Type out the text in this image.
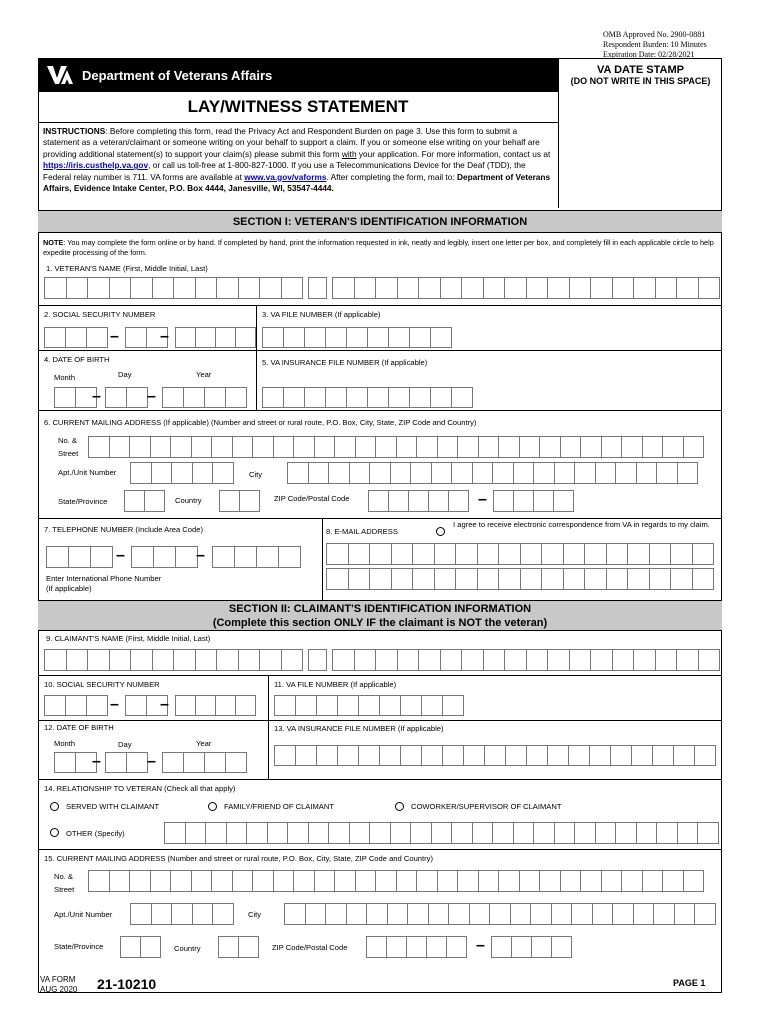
OMB Approved No. 2900-0881
Respondent Burden: 10 Minutes
Expiration Date: 02/28/2021
Department of Veterans Affairs	VA DATE STAMP
(DO NOT WRITE IN THIS SPACE)
LAY/WITNESS STATEMENT
INSTRUCTIONS: Before completing this form, read the Privacy Act and Respondent Burden on page 3. Use this form to submit a statement as a veteran/claimant or someone writing on your behalf to support a claim. If you or someone else writing on your behalf are providing additional statement(s) to support your claim(s) please submit this form with your application. For more information, contact us at https://iris.custhelp.va.gov, or call us toll-free at 1-800-827-1000. If you use a Telecommunications Device for the Deaf (TDD), the Federal relay number is 711. VA forms are available at www.va.gov/vaforms. After completing the form, mail to: Department of Veterans Affairs, Evidence Intake Center, P.O. Box 4444, Janesville, WI, 53547-4444.
SECTION I: VETERAN'S IDENTIFICATION INFORMATION
NOTE: You may complete the form online or by hand. If completed by hand, print the information requested in ink, neatly and legibly, insert one letter per box, and completely fill in each applicable circle to help expedite processing of the form.
1. VETERAN'S NAME (First, Middle Initial, Last)
2. SOCIAL SECURITY NUMBER	3. VA FILE NUMBER (If applicable)
4. DATE OF BIRTH
Month	Day	Year
5. VA INSURANCE FILE NUMBER (If applicable)
6. CURRENT MAILING ADDRESS (If applicable) (Number and street or rural route, P.O. Box, City, State, ZIP Code and Country)
No. &
Street
Apt./Unit Number	City
State/Province	Country	ZIP Code/Postal Code
7. TELEPHONE NUMBER (Include Area Code)	8. E-MAIL ADDRESS
I agree to receive electronic correspondence from VA in regards to my claim.
Enter International Phone Number
(If applicable)
SECTION II: CLAIMANT'S IDENTIFICATION INFORMATION
(Complete this section ONLY IF the claimant is NOT the veteran)
9. CLAIMANT'S NAME (First, Middle Initial, Last)
10. SOCIAL SECURITY NUMBER	11. VA FILE NUMBER (If applicable)
12. DATE OF BIRTH
Month	Day	Year
13. VA INSURANCE FILE NUMBER (If applicable)
14. RELATIONSHIP TO VETERAN (Check all that apply)
SERVED WITH CLAIMANT	FAMILY/FRIEND OF CLAIMANT	COWORKER/SUPERVISOR OF CLAIMANT
OTHER (Specify)
15. CURRENT MAILING ADDRESS (Number and street or rural route, P.O. Box, City, State, ZIP Code and Country)
No. &
Street
Apt./Unit Number	City
State/Province	Country	ZIP Code/Postal Code
VA FORM
AUG 2020 21-10210	PAGE 1
–	–
–	–
–
–	–
–	–
–	–
–
